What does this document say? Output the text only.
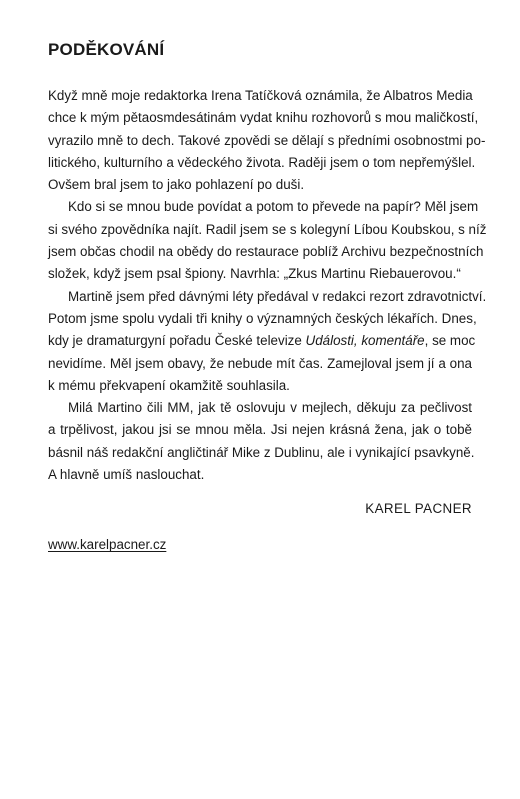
PODĚKOVÁNÍ

Když mně moje redaktorka Irena Tatíčková oznámila, že Albatros Media
chce k mým pětaosmdesátinám vydat knihu rozhovorů s mou maličkostí,
vyrazilo mně to dech. Takové zpovědi se dělají s předními osobnostmi po-
litického, kulturního a vědeckého života. Raději jsem o tom nepřemýšlel.
Ovšem bral jsem to jako pohlazení po duši.

Kdo si se mnou bude povídat a potom to převede na papír? Měl jsem
si svého zpovědníka najít. Radil jsem se s kolegyní Líbou Koubskou, s níž
jsem občas chodil na obědy do restaurace poblíž Archivu bezpečnostních
složek, když jsem psal špiony. Navrhla: „Zkus Martinu Riebauerovou.“

Martině jsem před dávnými léty předával v redakci rezort zdravotnictví.
Potom jsme spolu vydali tři knihy o významných českých lékařích. Dnes,
kdy je dramaturgyní pořadu České televize Události, komentáře, se moc
nevidíme. Měl jsem obavy, že nebude mít čas. Zamejloval jsem jí a ona
k mému překvapení okamžitě souhlasila.

Milá Martino čili MM, jak tě oslovuju v mejlech, děkuju za pečlivost
a trpělivost, jakou jsi se mnou měla. Jsi nejen krásná žena, jak o tobě
básnil náš redakční angličtinář Mike z Dublinu, ale i vynikající psavkyně.
A hlavně umíš naslouchat.

KAREL PACNER
www.karelpacner.cz
